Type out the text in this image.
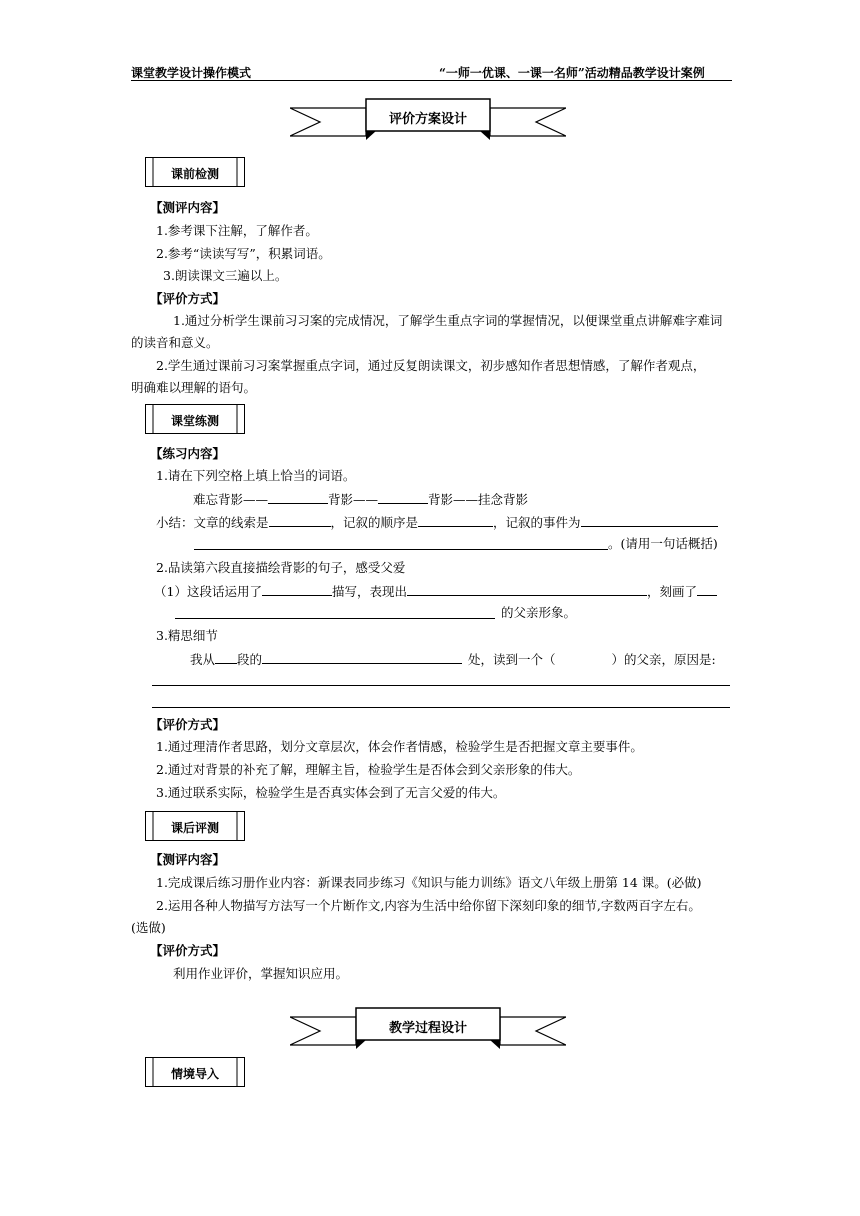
课堂教学设计操作模式	“一师一优课、一课一名师”活动精品教学设计案例
评价方案设计
课前检测
【测评内容】
1.参考课下注解，了解作者。
2.参考“读读写写”，积累词语。
3.朗读课文三遍以上。
【评价方式】
1.通过分析学生课前习习案的完成情况，了解学生重点字词的掌握情况，以便课堂重点讲解难字难词
的读音和意义。
2.学生通过课前习习案掌握重点字词，通过反复朗读课文，初步感知作者思想情感，了解作者观点，
明确难以理解的语句。
课堂练测
【练习内容】
1.请在下列空格上填上恰当的词语。
难忘背影——	背影——	背影——挂念背影
小结：文章的线索是	，记叙的顺序是	，记叙的事件为
。(请用一句话概括)
2.品读第六段直接描绘背影的句子，感受父爱
（1）这段话运用了	描写，表现出	，刻画了
的父亲形象。
3.精思细节
我从 段的	处，读到一个（	）的父亲，原因是:
【评价方式】
1.通过理清作者思路，划分文章层次，体会作者情感，检验学生是否把握文章主要事件。
2.通过对背景的补充了解，理解主旨，检验学生是否体会到父亲形象的伟大。
3.通过联系实际，检验学生是否真实体会到了无言父爱的伟大。
课后评测
【测评内容】
1.完成课后练习册作业内容：新课表同步练习《知识与能力训练》语文八年级上册第 14 课。(必做)
2.运用各种人物描写方法写一个片断作文,内容为生活中给你留下深刻印象的细节,字数两百字左右。
(选做)
【评价方式】
利用作业评价，掌握知识应用。
教学过程设计
情境导入
